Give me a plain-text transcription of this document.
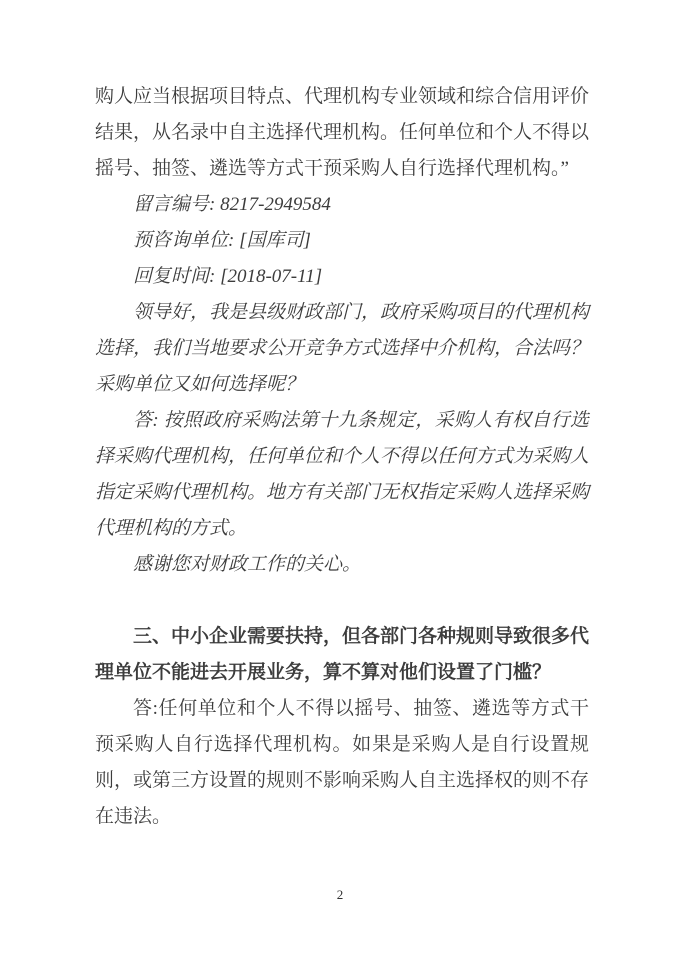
购人应当根据项目特点、代理机构专业领域和综合信用评价结果，从名录中自主选择代理机构。任何单位和个人不得以摇号、抽签、遴选等方式干预采购人自行选择代理机构。”

留言编号: 8217-2949584

预咨询单位: [国库司]

回复时间: [2018-07-11]

领导好，我是县级财政部门，政府采购项目的代理机构选择，我们当地要求公开竞争方式选择中介机构，合法吗？采购单位又如何选择呢？

答: 按照政府采购法第十九条规定，采购人有权自行选择采购代理机构，任何单位和个人不得以任何方式为采购人指定采购代理机构。地方有关部门无权指定采购人选择采购代理机构的方式。

感谢您对财政工作的关心。

三、中小企业需要扶持，但各部门各种规则导致很多代理单位不能进去开展业务，算不算对他们设置了门槛？

答:任何单位和个人不得以摇号、抽签、遴选等方式干预采购人自行选择代理机构。如果是采购人是自行设置规则，或第三方设置的规则不影响采购人自主选择权的则不存在违法。

2
